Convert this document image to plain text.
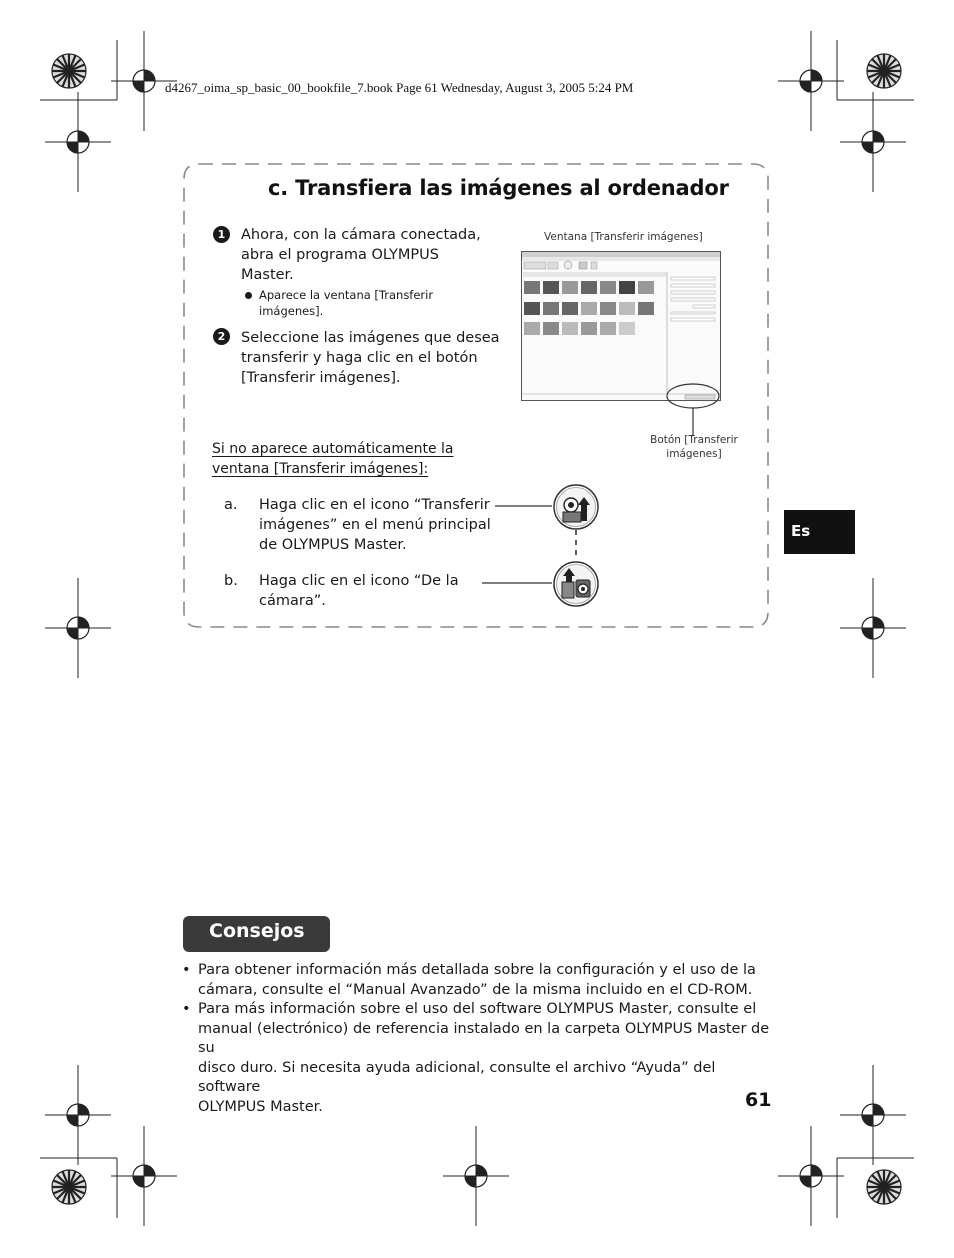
d4267_oima_sp_basic_00_bookfile_7.book Page 61 Wednesday, August 3, 2005 5:24 PM
c. Transfiera las imágenes al ordenador
1	Ahora, con la cámara conectada,
abra el programa OLYMPUS
Master.
Aparece la ventana [Transferir
imágenes].
2	Seleccione las imágenes que desea
transferir y haga clic en el botón
[Transferir imágenes].
Ventana [Transferir imágenes]
Botón [Transferir
imágenes]
Si no aparece automáticamente la
ventana [Transferir imágenes]:
a. Haga clic en el icono “Transferir
imágenes” en el menú principal
de OLYMPUS Master.
b. Haga clic en el icono “De la
cámara”.
Es
Consejos
• Para obtener información más detallada sobre la configuración y el uso de la
cámara, consulte el “Manual Avanzado” de la misma incluido en el CD-ROM.
• Para más información sobre el uso del software OLYMPUS Master, consulte el
manual (electrónico) de referencia instalado en la carpeta OLYMPUS Master de su
disco duro. Si necesita ayuda adicional, consulte el archivo “Ayuda” del software
OLYMPUS Master.	61
